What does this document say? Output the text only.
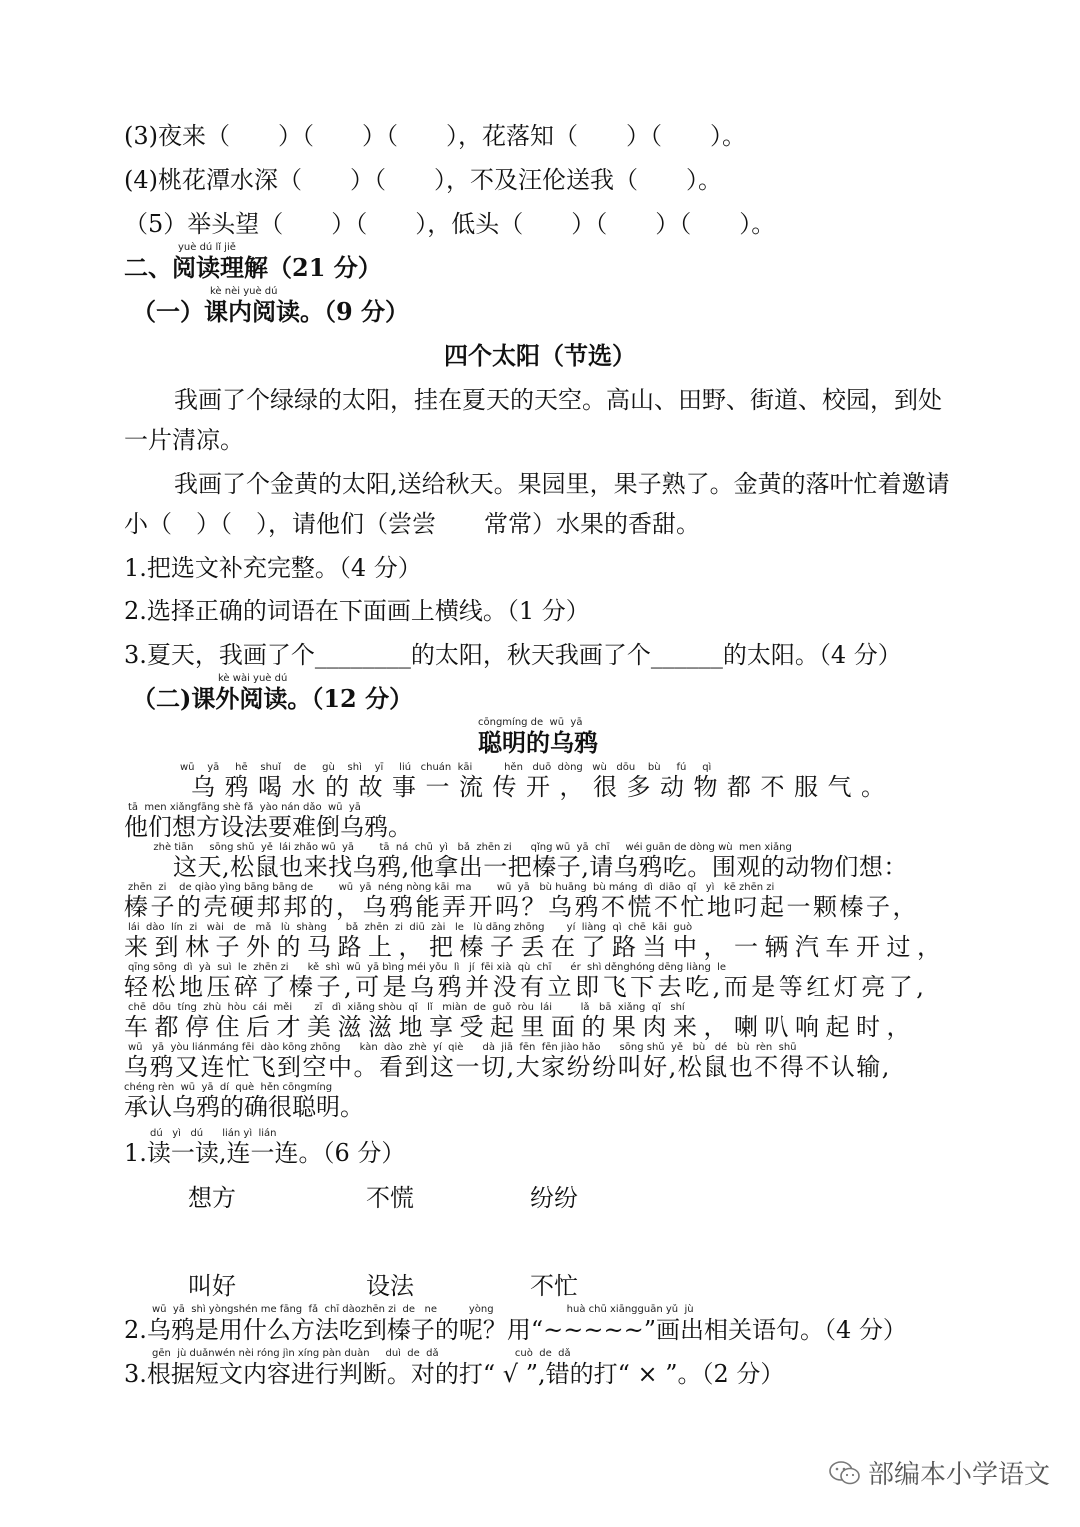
(3)夜来（　　）（　　）（　　），花落知（　　）（　　）。
(4)桃花潭水深（　　）（　　），不及汪伦送我（　　）。
（5）举头望（　　）（　　），低头（　　）（　　）（　　）。
yuè dú lǐ jiě
二、阅读理解（21 分）
kè nèi yuè dú
（一）课内阅读。（9 分）
四个太阳（节选）
我画了个绿绿的太阳，挂在夏天的天空。高山、田野、街道、校园，到处一片清凉。
我画了个金黄的太阳,送给秋天。果园里，果子熟了。金黄的落叶忙着邀请小（　）（　），请他们（尝尝　　常常）水果的香甜。
1.把选文补充完整。（4 分）
2.选择正确的词语在下面画上横线。（1 分）
3.夏天，我画了个________的太阳，秋天我画了个______的太阳。（4 分）
kè wài yuè dú
（二)课外阅读。（12 分）
cōngmíng de  wū  yā
聪明的乌鸦
wū    yā     hē    shuǐ    de     gù    shì    yī     liú   chuán  kāi          hěn   duō  dòng   wù   dōu    bù     fú     qì
　　乌鸦喝水的故事一流传开，很多动物都不服气。
tā  men xiǎngfāng shè fǎ  yào nán dǎo  wū  yā
他们想方设法要难倒乌鸦。
zhè tiān     sōng shǔ  yě  lái zhǎo wū  yā        tā  ná  chū  yì   bǎ  zhēn zi      qǐng wū  yā  chī     wéi guān de dòng wù  men xiǎng
　　这天,松鼠也来找乌鸦,他拿出一把榛子,请乌鸦吃。围观的动物们想：
zhēn  zi    de qiào yìng bāng bāng de        wū  yā  néng nòng kāi  ma        wū  yā   bù huāng  bù máng  dì  diāo  qǐ   yì   kē zhēn zi
榛子的壳硬邦邦的，乌鸦能弄开吗？乌鸦不慌不忙地叼起一颗榛子，
lái  dào  lín  zi   wài   de   mǎ   lù  shàng      bǎ  zhēn  zi  diū  zài   le   lù dāng zhōng       yí  liàng  qì  chē  kāi  guò
来到林子外的马路上，把榛子丢在了路当中，一辆汽车开过，
qīng sōng  dì  yà  suì  le  zhēn zi      kě  shì  wū  yā bìng méi yǒu  lì   jí  fēi xià  qù  chī      ér  shì děnghóng dēng liàng  le
轻松地压碎了榛子,可是乌鸦并没有立即飞下去吃,而是等红灯亮了,
chē  dōu  tíng  zhù  hòu  cái  měi       zī   dì  xiǎng shòu  qǐ   lǐ   miàn  de  guǒ  ròu  lái         lǎ   bā  xiǎng  qǐ   shí
车都停住后才美滋滋地享受起里面的果肉来，喇叭响起时，
wū   yā  yòu liánmáng fēi  dào kōng zhōng      kàn  dào  zhè  yí  qiè      dà  jiā  fēn  fēn jiào hǎo      sōng shǔ  yě   bù   dé   bù  rèn  shū
乌鸦又连忙飞到空中。看到这一切,大家纷纷叫好,松鼠也不得不认输,
chéng rèn  wū  yā  dí  què  hěn cōngmíng
承认乌鸦的确很聪明。
dú   yì   dú      lián yì  lián
1.读一读,连一连。（6 分）
想方	不慌	纷纷
叫好	设法	不忙
wū  yā  shì yòngshén me fāng  fǎ  chī dàozhēn zi  de   ne          yòng                       huà chū xiāngguān yǔ  jù
2.乌鸦是用什么方法吃到榛子的呢？用“~~~~~”画出相关语句。（4 分）
gēn  jù duǎnwén nèi róng jìn xíng pàn duàn     duì  de  dǎ                        cuò  de  dǎ
3.根据短文内容进行判断。对的打“ √ ”,错的打“ × ”。（2 分）
部编本小学语文
